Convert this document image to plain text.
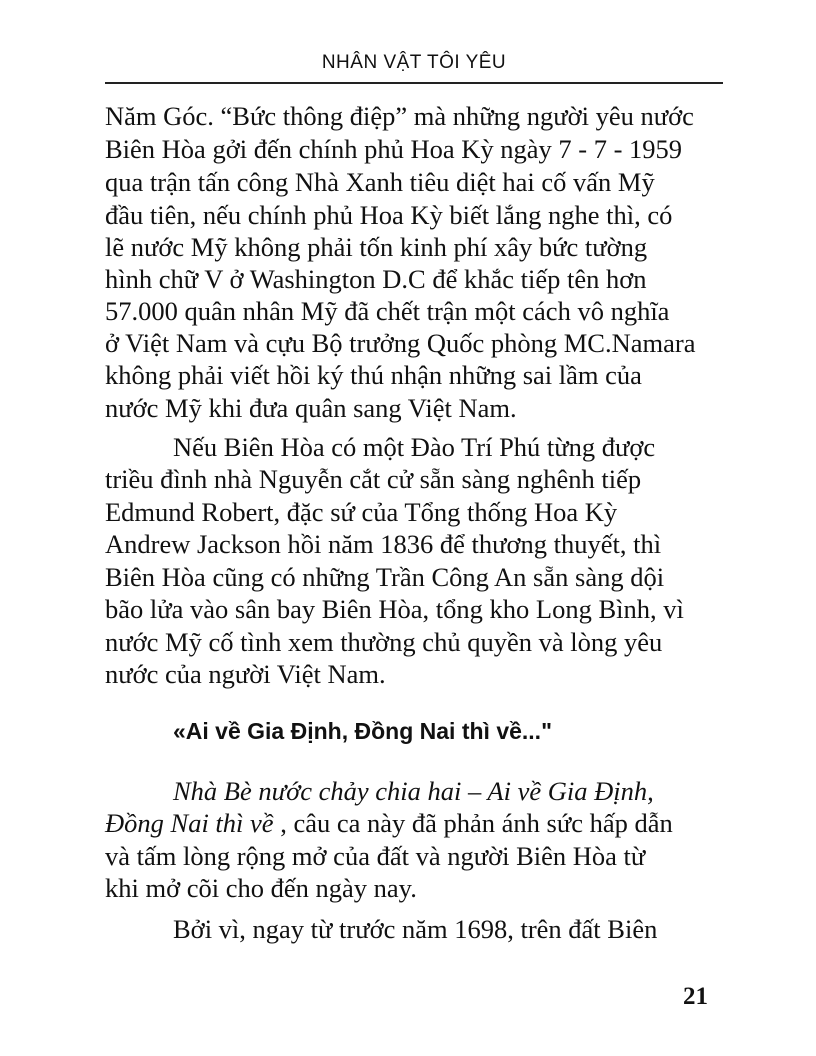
NHÂN VẬT TÔI YÊU
Năm Góc. “Bức thông điệp” mà những người yêu nước
Biên Hòa gởi đến chính phủ Hoa Kỳ ngày 7 - 7 - 1959
qua trận tấn công Nhà Xanh tiêu diệt hai cố vấn Mỹ
đầu tiên, nếu chính phủ Hoa Kỳ biết lắng nghe thì, có
lẽ nước Mỹ không phải tốn kinh phí xây bức tường
hình chữ V ở Washington D.C để khắc tiếp tên hơn
57.000 quân nhân Mỹ đã chết trận một cách vô nghĩa
ở Việt Nam và cựu Bộ trưởng Quốc phòng MC.Namara
không phải viết hồi ký thú nhận những sai lầm của
nước Mỹ khi đưa quân sang Việt Nam.
Nếu Biên Hòa có một Đào Trí Phú từng được
triều đình nhà Nguyễn cắt cử sẵn sàng nghênh tiếp
Edmund Robert, đặc sứ của Tổng thống Hoa Kỳ
Andrew Jackson hồi năm 1836 để thương thuyết, thì
Biên Hòa cũng có những Trần Công An sẵn sàng dội
bão lửa vào sân bay Biên Hòa, tổng kho Long Bình, vì
nước Mỹ cố tình xem thường chủ quyền và lòng yêu
nước của người Việt Nam.
«Ai về Gia Định, Đồng Nai thì về..."
Nhà Bè nước chảy chia hai – Ai về Gia Định,
Đồng Nai thì về , câu ca này đã phản ánh sức hấp dẫn
và tấm lòng rộng mở của đất và người Biên Hòa từ
khi mở cõi cho đến ngày nay.
Bởi vì, ngay từ trước năm 1698, trên đất Biên
21
